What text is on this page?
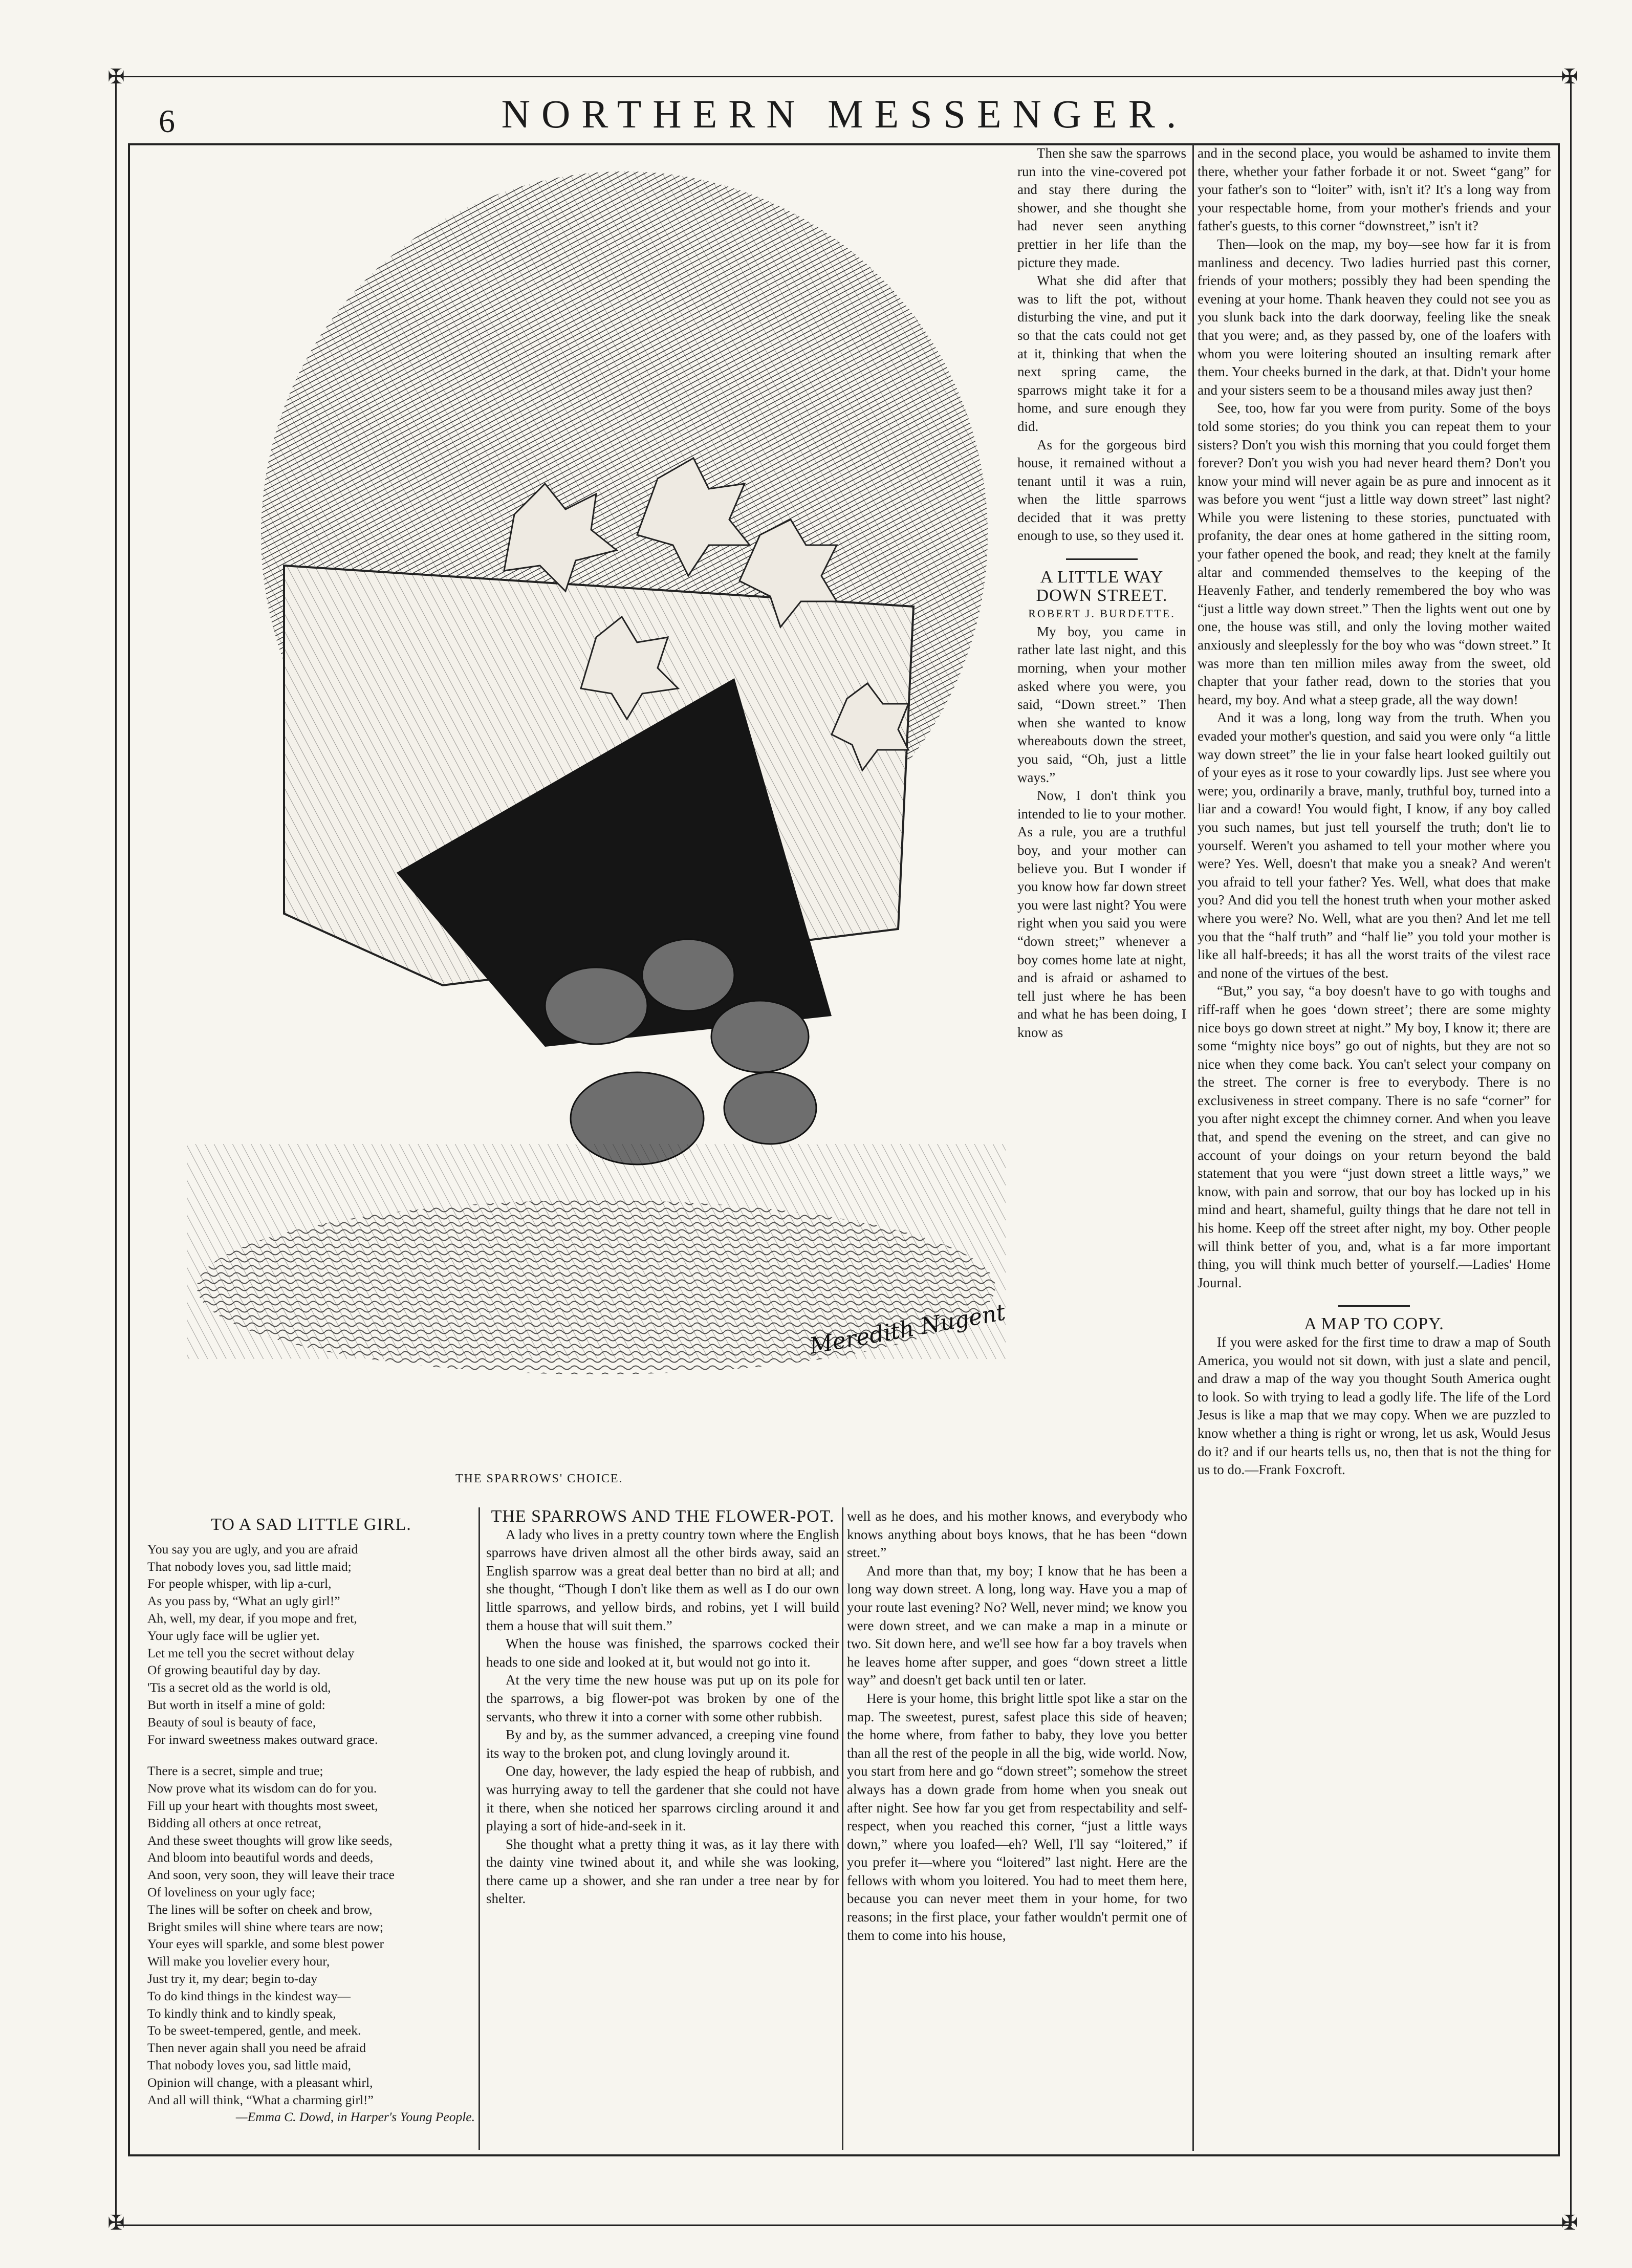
✠	✠
✠	✠
6	NORTHERN MESSENGER.
Meredith Nugent
THE SPARROWS' CHOICE.

Then she saw the sparrows run into the vine-covered pot and stay there during the shower, and she thought she had never seen anything prettier in her life than the picture they made.

What she did after that was to lift the pot, without disturbing the vine, and put it so that the cats could not get at it, thinking that when the next spring came, the sparrows might take it for a home, and sure enough they did.

As for the gorgeous bird house, it remained without a tenant until it was a ruin, when the little sparrows decided that it was pretty enough to use, so they used it.

A LITTLE WAY DOWN STREET.

ROBERT J. BURDETTE.

My boy, you came in rather late last night, and this morning, when your mother asked where you were, you said, “Down street.” Then when she wanted to know whereabouts down the street, you said, “Oh, just a little ways.”

Now, I don't think you intended to lie to your mother. As a rule, you are a truthful boy, and your mother can believe you. But I wonder if you know how far down street you were last night? You were right when you said you were “down street;” whenever a boy comes home late at night, and is afraid or ashamed to tell just where he has been and what he has been doing, I know as

and in the second place, you would be ashamed to invite them there, whether your father forbade it or not. Sweet “gang” for your father's son to “loiter” with, isn't it? It's a long way from your respectable home, from your mother's friends and your father's guests, to this corner “downstreet,” isn't it?

Then—look on the map, my boy—see how far it is from manliness and decency. Two ladies hurried past this corner, friends of your mothers; possibly they had been spending the evening at your home. Thank heaven they could not see you as you slunk back into the dark doorway, feeling like the sneak that you were; and, as they passed by, one of the loafers with whom you were loitering shouted an insulting remark after them. Your cheeks burned in the dark, at that. Didn't your home and your sisters seem to be a thousand miles away just then?

See, too, how far you were from purity. Some of the boys told some stories; do you think you can repeat them to your sisters? Don't you wish this morning that you could forget them forever? Don't you wish you had never heard them? Don't you know your mind will never again be as pure and innocent as it was before you went “just a little way down street” last night? While you were listening to these stories, punctuated with profanity, the dear ones at home gathered in the sitting room, your father opened the book, and read; they knelt at the family altar and commended themselves to the keeping of the Heavenly Father, and tenderly remembered the boy who was “just a little way down street.” Then the lights went out one by one, the house was still, and only the loving mother waited anxiously and sleeplessly for the boy who was “down street.” It was more than ten million miles away from the sweet, old chapter that your father read, down to the stories that you heard, my boy. And what a steep grade, all the way down!

And it was a long, long way from the truth. When you evaded your mother's question, and said you were only “a little way down street” the lie in your false heart looked guiltily out of your eyes as it rose to your cowardly lips. Just see where you were; you, ordinarily a brave, manly, truthful boy, turned into a liar and a coward! You would fight, I know, if any boy called you such names, but just tell yourself the truth; don't lie to yourself. Weren't you ashamed to tell your mother where you were? Yes. Well, doesn't that make you a sneak? And weren't you afraid to tell your father? Yes. Well, what does that make you? And did you tell the honest truth when your mother asked where you were? No. Well, what are you then? And let me tell you that the “half truth” and “half lie” you told your mother is like all half-breeds; it has all the worst traits of the vilest race and none of the virtues of the best.

“But,” you say, “a boy doesn't have to go with toughs and riff-raff when he goes ‘down street’; there are some mighty nice boys go down street at night.” My boy, I know it; there are some “mighty nice boys” go out of nights, but they are not so nice when they come back. You can't select your company on the street. The corner is free to everybody. There is no exclusiveness in street company. There is no safe “corner” for you after night except the chimney corner. And when you leave that, and spend the evening on the street, and can give no account of your doings on your return beyond the bald statement that you were “just down street a little ways,” we know, with pain and sorrow, that our boy has locked up in his mind and heart, shameful, guilty things that he dare not tell in his home. Keep off the street after night, my boy. Other people will think better of you, and, what is a far more important thing, you will think much better of yourself.—Ladies' Home Journal.

A MAP TO COPY.

If you were asked for the first time to draw a map of South America, you would not sit down, with just a slate and pencil, and draw a map of the way you thought South America ought to look. So with trying to lead a godly life. The life of the Lord Jesus is like a map that we may copy. When we are puzzled to know whether a thing is right or wrong, let us ask, Would Jesus do it? and if our hearts tells us, no, then that is not the thing for us to do.—Frank Foxcroft.

TO A SAD LITTLE GIRL.
You say you are ugly, and you are afraid
That nobody loves you, sad little maid;
For people whisper, with lip a-curl,
As you pass by, “What an ugly girl!”
Ah, well, my dear, if you mope and fret,
Your ugly face will be uglier yet.
Let me tell you the secret without delay
Of growing beautiful day by day.
'Tis a secret old as the world is old,
But worth in itself a mine of gold:
Beauty of soul is beauty of face,
For inward sweetness makes outward grace.
There is a secret, simple and true;
Now prove what its wisdom can do for you.
Fill up your heart with thoughts most sweet,
Bidding all others at once retreat,
And these sweet thoughts will grow like seeds,
And bloom into beautiful words and deeds,
And soon, very soon, they will leave their trace
Of loveliness on your ugly face;
The lines will be softer on cheek and brow,
Bright smiles will shine where tears are now;
Your eyes will sparkle, and some blest power
Will make you lovelier every hour,
Just try it, my dear; begin to-day
To do kind things in the kindest way—
To kindly think and to kindly speak,
To be sweet-tempered, gentle, and meek.
Then never again shall you need be afraid
That nobody loves you, sad little maid,
Opinion will change, with a pleasant whirl,
And all will think, “What a charming girl!”
—Emma C. Dowd, in Harper's Young People.

THE SPARROWS AND THE FLOWER-POT.

A lady who lives in a pretty country town where the English sparrows have driven almost all the other birds away, said an English sparrow was a great deal better than no bird at all; and she thought, “Though I don't like them as well as I do our own little sparrows, and yellow birds, and robins, yet I will build them a house that will suit them.”

When the house was finished, the sparrows cocked their heads to one side and looked at it, but would not go into it.

At the very time the new house was put up on its pole for the sparrows, a big flower-pot was broken by one of the servants, who threw it into a corner with some other rubbish.

By and by, as the summer advanced, a creeping vine found its way to the broken pot, and clung lovingly around it.

One day, however, the lady espied the heap of rubbish, and was hurrying away to tell the gardener that she could not have it there, when she noticed her sparrows circling around it and playing a sort of hide-and-seek in it.

She thought what a pretty thing it was, as it lay there with the dainty vine twined about it, and while she was looking, there came up a shower, and she ran under a tree near by for shelter.

well as he does, and his mother knows, and everybody who knows anything about boys knows, that he has been “down street.”

And more than that, my boy; I know that he has been a long way down street. A long, long way. Have you a map of your route last evening? No? Well, never mind; we know you were down street, and we can make a map in a minute or two. Sit down here, and we'll see how far a boy travels when he leaves home after supper, and goes “down street a little way” and doesn't get back until ten or later.

Here is your home, this bright little spot like a star on the map. The sweetest, purest, safest place this side of heaven; the home where, from father to baby, they love you better than all the rest of the people in all the big, wide world. Now, you start from here and go “down street”; somehow the street always has a down grade from home when you sneak out after night. See how far you get from respectability and self-respect, when you reached this corner, “just a little ways down,” where you loafed—eh? Well, I'll say “loitered,” if you prefer it—where you “loitered” last night. Here are the fellows with whom you loitered. You had to meet them here, because you can never meet them in your home, for two reasons; in the first place, your father wouldn't permit one of them to come into his house,
